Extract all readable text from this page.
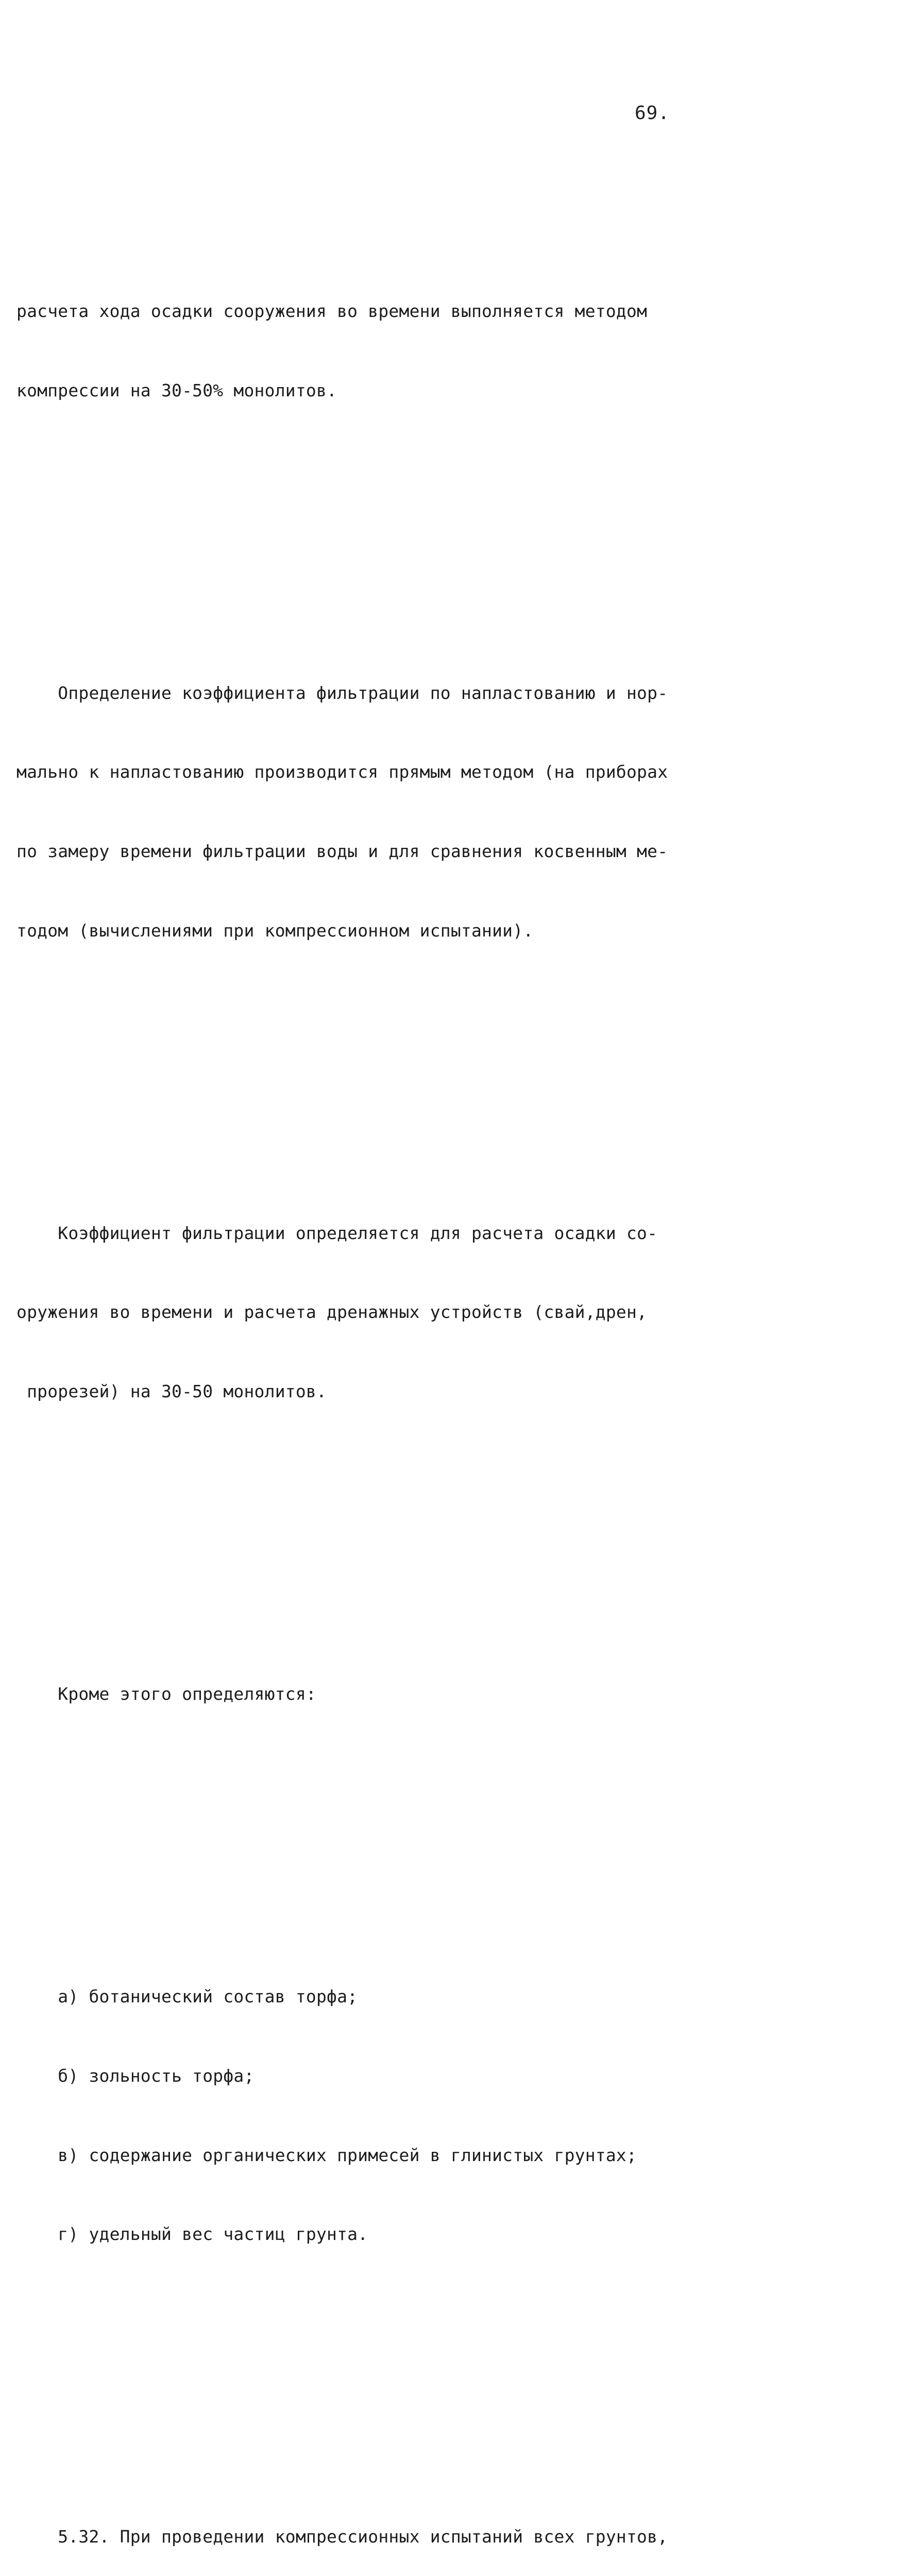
69.

расчета хода осадки сооружения во времени выполняется методом

компрессии на 30-50% монолитов.

Определение коэффициента фильтрации по напластованию и нор-

мально к напластованию производится прямым методом (на приборах

по замеру времени фильтрации воды и для сравнения косвенным ме-

тодом (вычислениями при компрессионном испытании).

Коэффициент фильтрации определяется для расчета осадки со-

оружения во времени и расчета дренажных устройств (свай,дрен,

прорезей) на 30-50 монолитов.

Кроме этого определяются:

а) ботанический состав торфа;

б) зольность торфа;

в) содержание органических примесей в глинистых грунтах;

г) удельный вес частиц грунта.

5.32. При проведении компрессионных испытаний всех грунтов,
